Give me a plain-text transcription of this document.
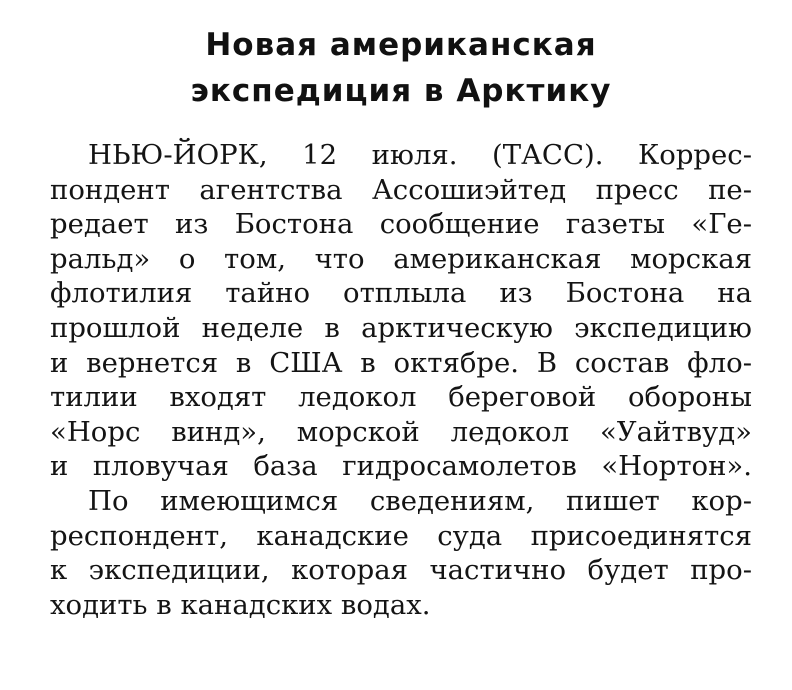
Новая американская
экспедиция в Арктику
НЬЮ-ЙОРК, 12 июля. (ТАСС). Коррес-
пондент агентства Ассошиэйтед пресс пе-
редает из Бостона сообщение газеты «Ге-
ральд» о том, что американская морская
флотилия тайно отплыла из Бостона на
прошлой неделе в арктическую экспедицию
и вернется в США в октябре. В состав фло-
тилии входят ледокол береговой обороны
«Норс винд», морской ледокол «Уайтвуд»
и пловучая база гидросамолетов «Нортон».
По имеющимся сведениям, пишет кор-
респондент, канадские суда присоединятся
к экспедиции, которая частично будет про-
ходить в канадских водах.
